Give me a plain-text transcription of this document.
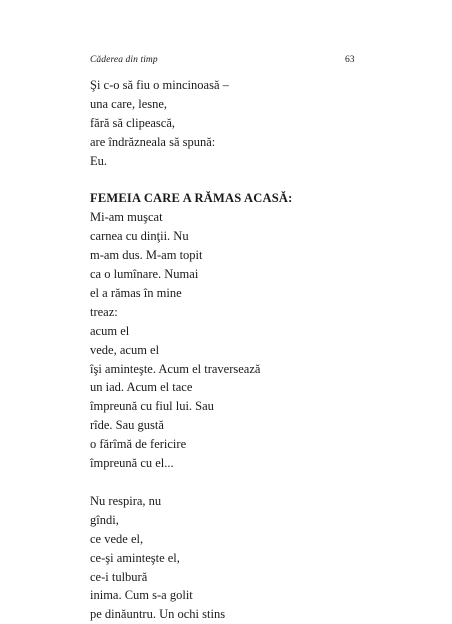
Căderea din timp	63
Şi c-o să fiu o mincinoasă –
una care, lesne,
fără să clipească,
are îndrăzneala să spună:
Eu.
FEMEIA CARE A RĂMAS ACASĂ:
Mi-am muşcat
carnea cu dinţii. Nu
m-am dus. M-am topit
ca o lumînare. Numai
el a rămas în mine
treaz:
acum el
vede, acum el
îşi aminteşte. Acum el traversează
un iad. Acum el tace
împreună cu fiul lui. Sau
rîde. Sau gustă
o fărîmă de fericire
împreună cu el...
Nu respira, nu
gîndi,
ce vede el,
ce-şi aminteşte el,
ce-i tulbură
inima. Cum s-a golit
pe dinăuntru. Un ochi stins
